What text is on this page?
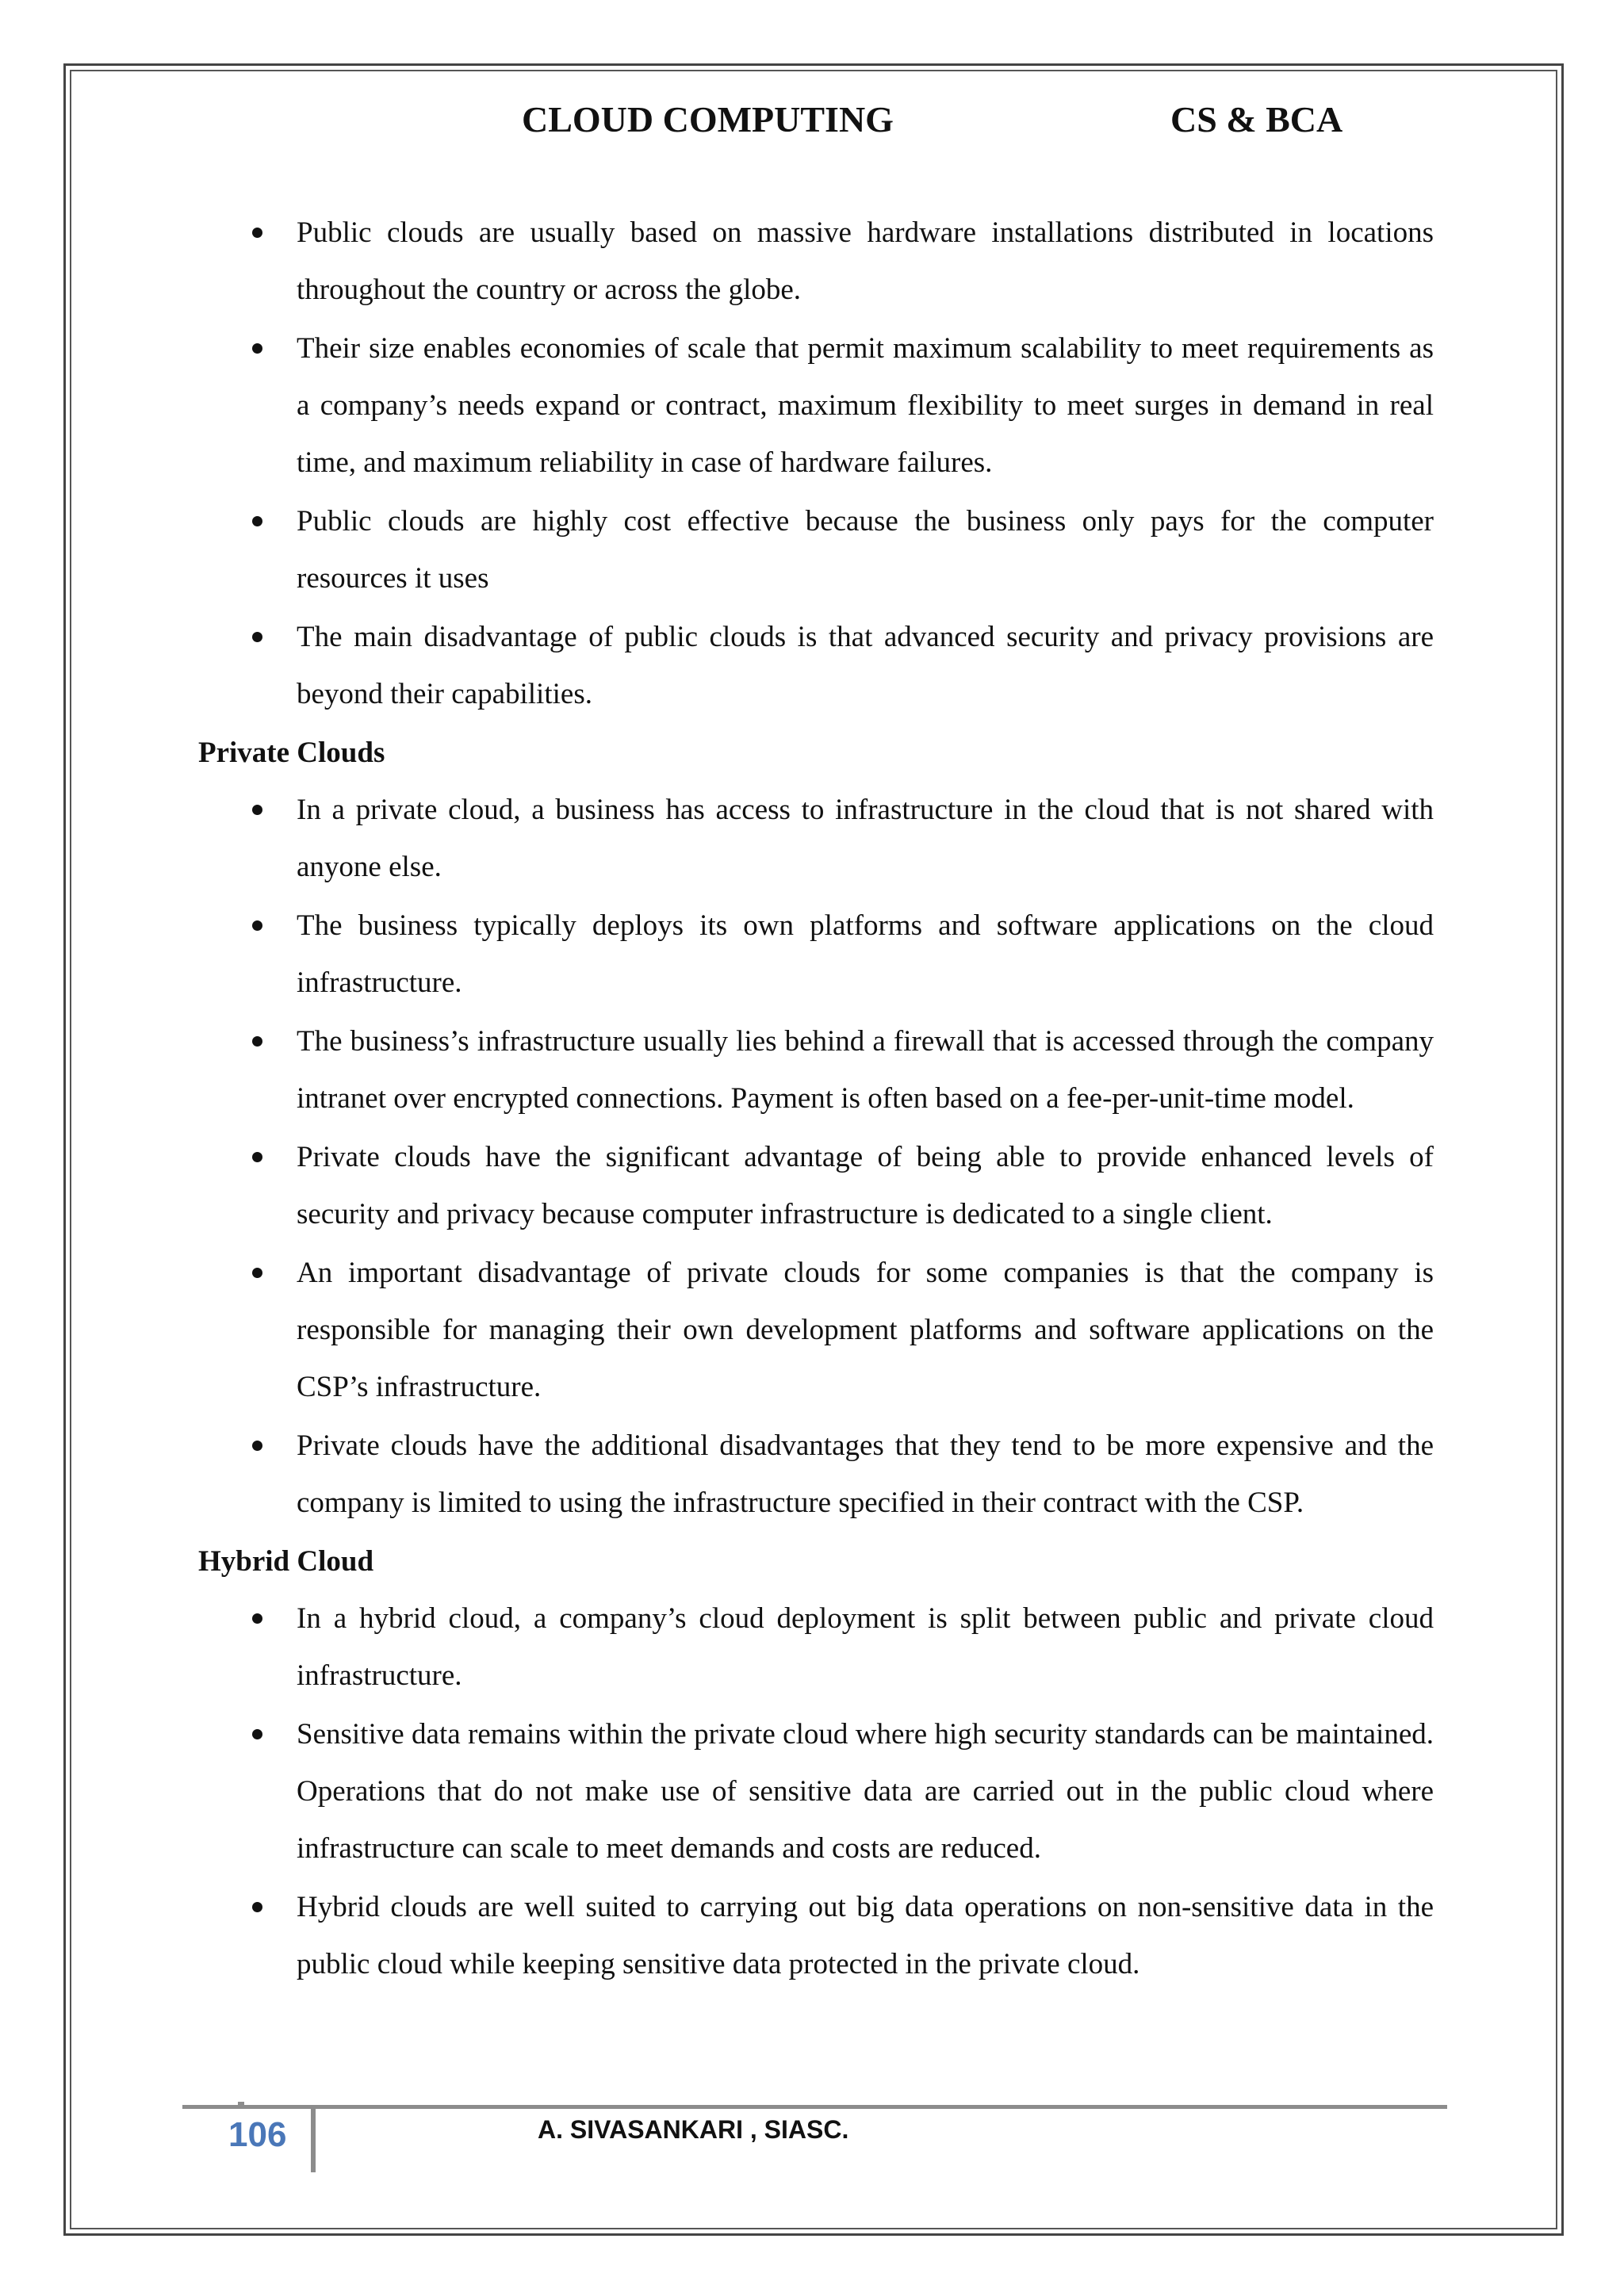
CLOUD COMPUTING	CS & BCA
Public clouds are usually based on massive hardware installations distributed in locations throughout the country or across the globe.
Their size enables economies of scale that permit maximum scalability to meet requirements as a company’s needs expand or contract, maximum flexibility to meet surges in demand in real time, and maximum reliability in case of hardware failures.
Public clouds are highly cost effective because the business only pays for the computer resources it uses
The main disadvantage of public clouds is that advanced security and privacy provisions are beyond their capabilities.
Private Clouds
In a private cloud, a business has access to infrastructure in the cloud that is not shared with anyone else.
The business typically deploys its own platforms and software applications on the cloud infrastructure.
The business’s infrastructure usually lies behind a firewall that is accessed through the company intranet over encrypted connections. Payment is often based on a fee-per-unit-time model.
Private clouds have the significant advantage of being able to provide enhanced levels of security and privacy because computer infrastructure is dedicated to a single client.
An important disadvantage of private clouds for some companies is that the company is responsible for managing their own development platforms and software applications on the CSP’s infrastructure.
Private clouds have the additional disadvantages that they tend to be more expensive and the company is limited to using the infrastructure specified in their contract with the CSP.
Hybrid Cloud
In a hybrid cloud, a company’s cloud deployment is split between public and private cloud infrastructure.
Sensitive data remains within the private cloud where high security standards can be maintained. Operations that do not make use of sensitive data are carried out in the public cloud where infrastructure can scale to meet demands and costs are reduced.
Hybrid clouds are well suited to carrying out big data operations on non-sensitive data in the public cloud while keeping sensitive data protected in the private cloud.
106	A. SIVASANKARI , SIASC.
